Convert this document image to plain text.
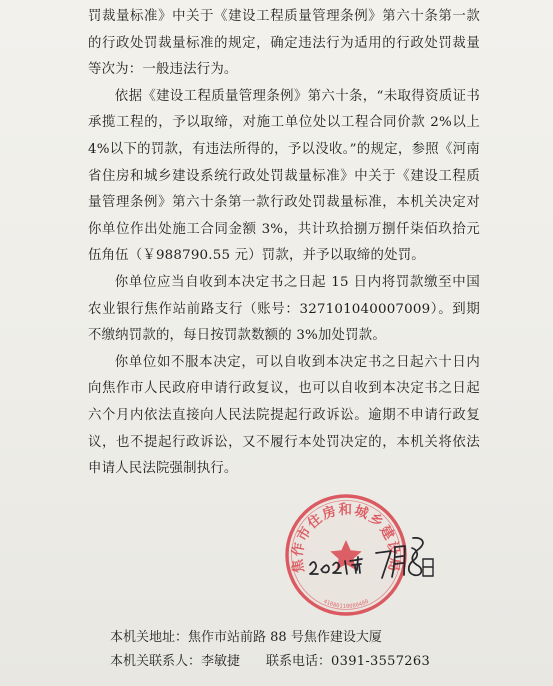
罚裁量标准》中关于《建设工程质量管理条例》第六十条第一款的行政处罚裁量标准的规定，确定违法行为适用的行政处罚裁量等次为：一般违法行为。

依据《建设工程质量管理条例》第六十条，“未取得资质证书承揽工程的，予以取缔，对施工单位处以工程合同价款 2%以上 4%以下的罚款，有违法所得的，予以没收。”的规定，参照《河南省住房和城乡建设系统行政处罚裁量标准》中关于《建设工程质量管理条例》第六十条第一款行政处罚裁量标准，本机关决定对你单位作出处施工合同金额 3%，共计玖拾捌万捌仟柒佰玖拾元伍角伍（￥988790.55 元）罚款，并予以取缔的处罚。

你单位应当自收到本决定书之日起 15 日内将罚款缴至中国农业银行焦作站前路支行（账号：327101040007009）。到期不缴纳罚款的，每日按罚款数额的 3%加处罚款。

你单位如不服本决定，可以自收到本决定书之日起六十日内向焦作市人民政府申请行政复议，也可以自收到本决定书之日起六个月内依法直接向人民法院提起行政诉讼。逾期不申请行政复议，也不提起行政诉讼，又不履行本处罚决定的，本机关将依法申请人民法院强制执行。

焦作市住房和城乡建设局
41080110080480
本机关地址：焦作市站前路 88 号焦作建设大厦
本机关联系人：李敏捷 联系电话：0391-3557263
